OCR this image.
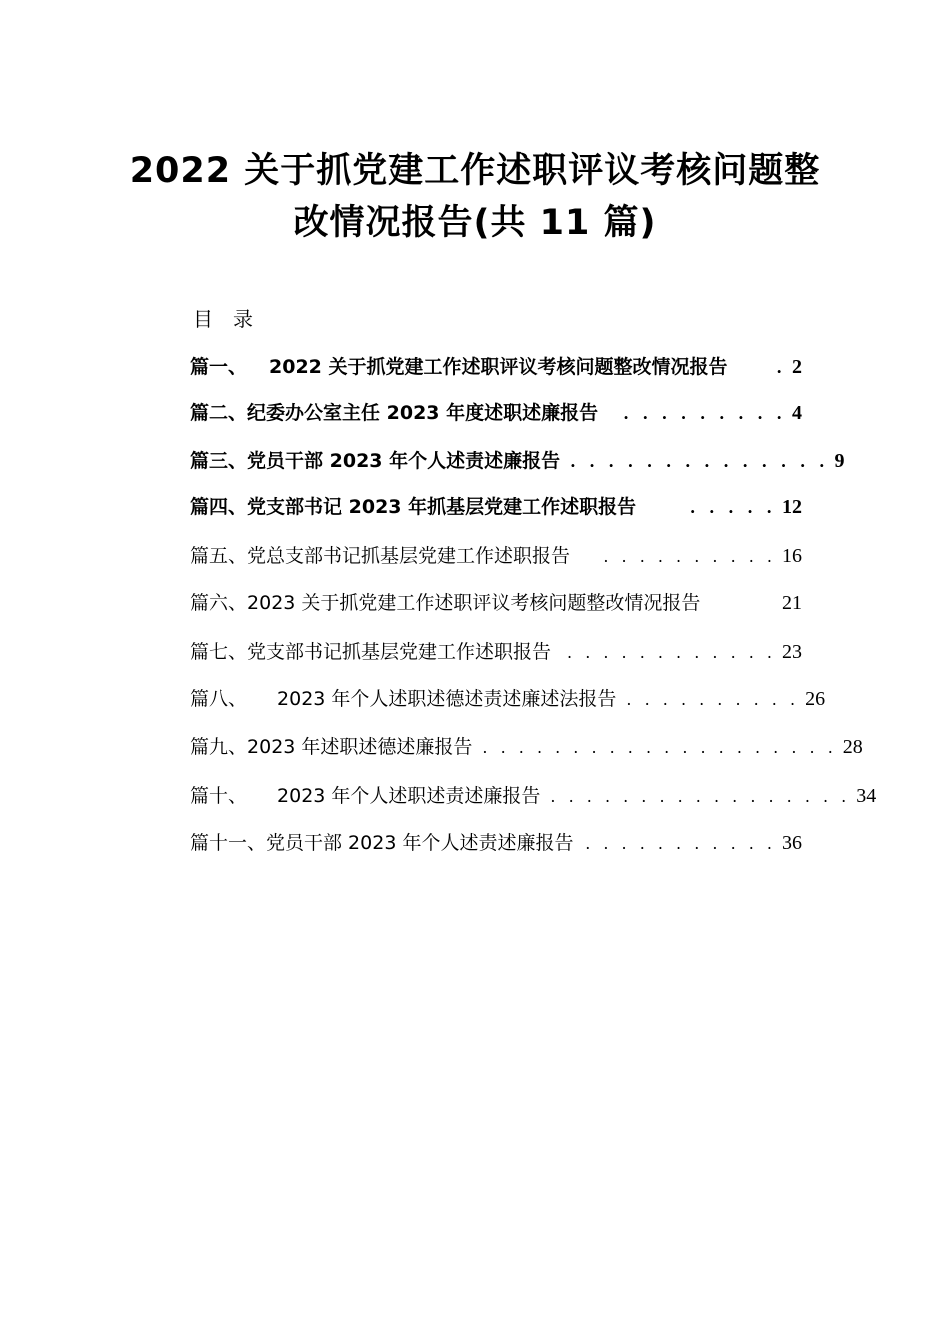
2022 关于抓党建工作述职评议考核问题整
改情况报告(共 11 篇)
目录
篇一、 2022 关于抓党建工作述职评议考核问题整改情况报告	. 2
篇二、纪委办公室主任 2023 年度述职述廉报告	. . . . . . . . . 4
篇三、党员干部 2023 年个人述责述廉报告 . . . . . . . . . . . . . . 9
篇四、党支部书记 2023 年抓基层党建工作述职报告	. . . . . 12
篇五、党总支部书记抓基层党建工作述职报告	. . . . . . . . . . 16
篇六、2023 关于抓党建工作述职评议考核问题整改情况报告	21
篇七、党支部书记抓基层党建工作述职报告 . . . . . . . . . . . . 23
篇八、 2023 年个人述职述德述责述廉述法报告 . . . . . . . . . . 26
篇九、2023 年述职述德述廉报告 . . . . . . . . . . . . . . . . . . . . 28
篇十、 2023 年个人述职述责述廉报告 . . . . . . . . . . . . . . . . . 34
篇十一、党员干部 2023 年个人述责述廉报告 . . . . . . . . . . . 36
